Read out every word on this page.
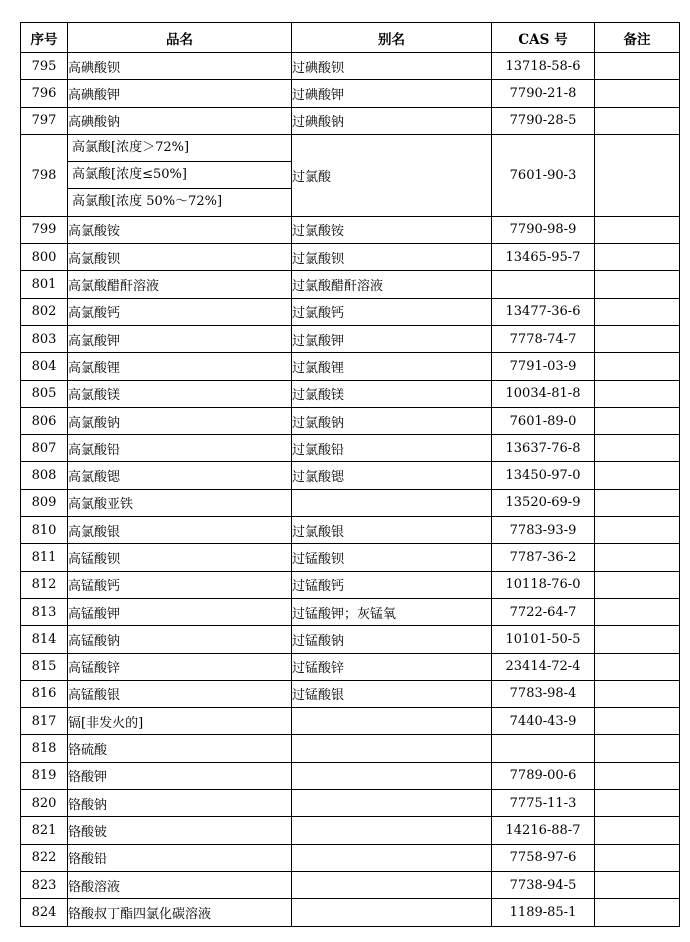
序号	品名	别名	CAS 号	备注
795	高碘酸钡	过碘酸钡	13718-58-6	
796	高碘酸钾	过碘酸钾	7790-21-8	
797	高碘酸钠	过碘酸钠	7790-28-5	
798	高氯酸[浓度＞72%]
高氯酸[浓度≤50%]
高氯酸[浓度 50%～72%]	过氯酸	7601-90-3	
799	高氯酸铵	过氯酸铵	7790-98-9	
800	高氯酸钡	过氯酸钡	13465-95-7	
801	高氯酸醋酐溶液	过氯酸醋酐溶液		
802	高氯酸钙	过氯酸钙	13477-36-6	
803	高氯酸钾	过氯酸钾	7778-74-7	
804	高氯酸锂	过氯酸锂	7791-03-9	
805	高氯酸镁	过氯酸镁	10034-81-8	
806	高氯酸钠	过氯酸钠	7601-89-0	
807	高氯酸铅	过氯酸铅	13637-76-8	
808	高氯酸锶	过氯酸锶	13450-97-0	
809	高氯酸亚铁		13520-69-9	
810	高氯酸银	过氯酸银	7783-93-9	
811	高锰酸钡	过锰酸钡	7787-36-2	
812	高锰酸钙	过锰酸钙	10118-76-0	
813	高锰酸钾	过锰酸钾；灰锰氧	7722-64-7	
814	高锰酸钠	过锰酸钠	10101-50-5	
815	高锰酸锌	过锰酸锌	23414-72-4	
816	高锰酸银	过锰酸银	7783-98-4	
817	镉[非发火的]		7440-43-9	
818	铬硫酸			
819	铬酸钾		7789-00-6	
820	铬酸钠		7775-11-3	
821	铬酸铍		14216-88-7	
822	铬酸铅		7758-97-6	
823	铬酸溶液		7738-94-5	
824	铬酸叔丁酯四氯化碳溶液		1189-85-1	
